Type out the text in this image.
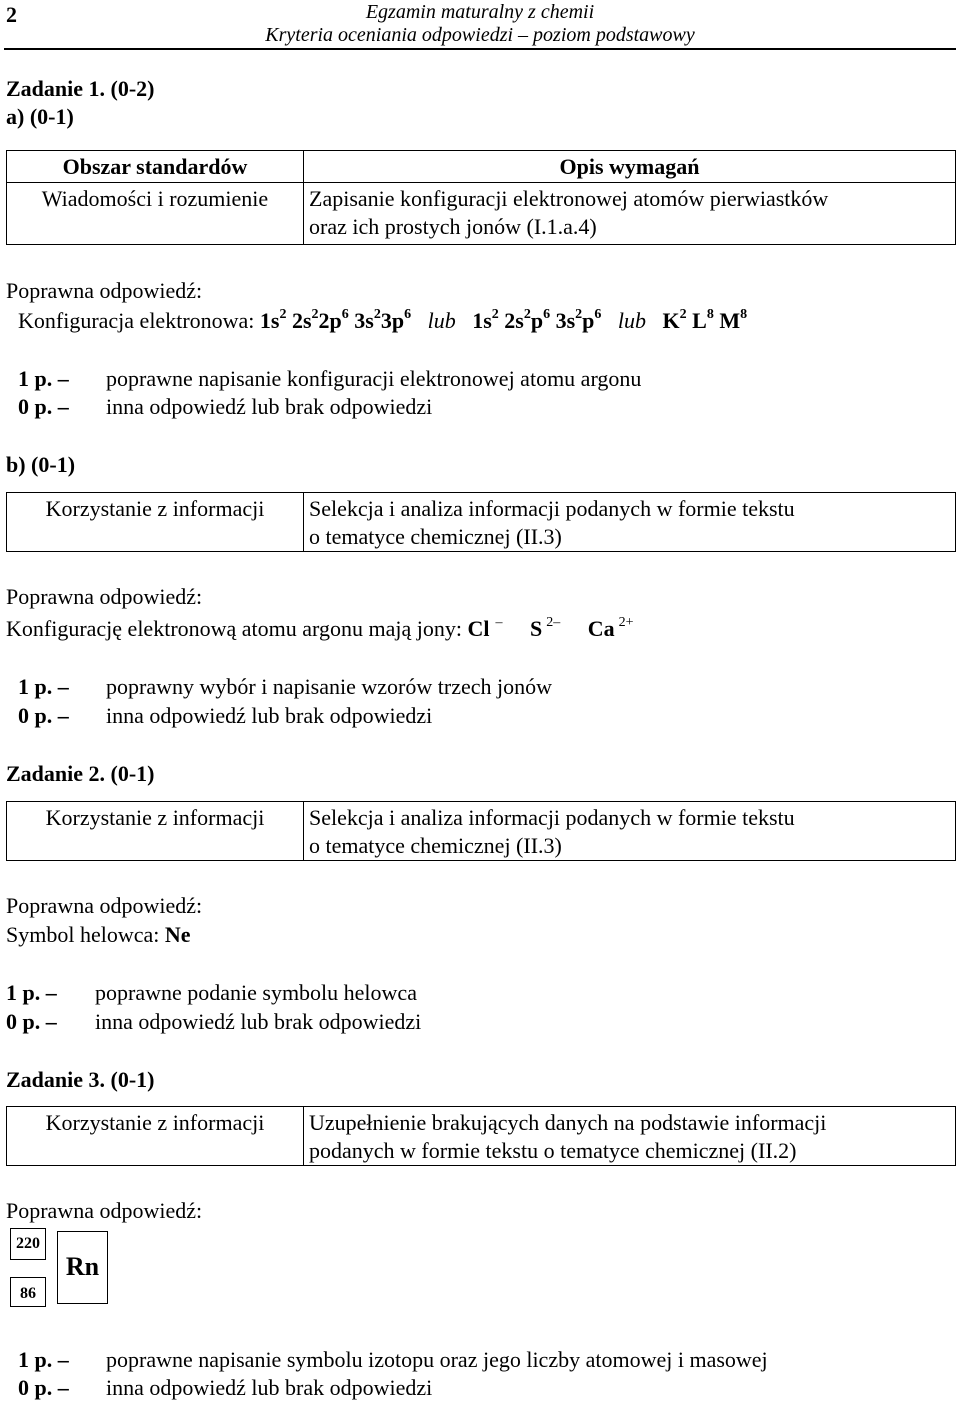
2	Egzamin maturalny z chemii
Kryteria oceniania odpowiedzi – poziom podstawowy
Zadanie 1. (0-2)
a) (0-1)
Obszar standardów	Opis wymagań
Wiadomości i rozumienie	Zapisanie konfiguracji elektronowej atomów pierwiastków
oraz ich prostych jonów (I.1.a.4)
Poprawna odpowiedź:
Konfiguracja elektronowa: $1s^2$ $2s^22p^6$ $3s^23p^6$ lub $1s^2$ $2s^2p^6$ $3s^2p^6$ lub $K^2$ $L^8$ $M^8$
1 p. – poprawne napisanie konfiguracji elektronowej atomu argonu
0 p. – inna odpowiedź lub brak odpowiedzi
b) (0-1)
Korzystanie z informacji	Selekcja i analiza informacji podanych w formie tekstu
o tematyce chemicznej (II.3)
Poprawna odpowiedź:
Konfigurację elektronową atomu argonu mają jony: Cl – S $^{2-}$ Ca $^{2+}$
1 p. – poprawny wybór i napisanie wzorów trzech jonów
0 p. – inna odpowiedź lub brak odpowiedzi
Zadanie 2. (0-1)
Korzystanie z informacji	Selekcja i analiza informacji podanych w formie tekstu
o tematyce chemicznej (II.3)
Poprawna odpowiedź:
Symbol helowca: Ne
1 p. – poprawne podanie symbolu helowca
0 p. – inna odpowiedź lub brak odpowiedzi
Zadanie 3. (0-1)
Korzystanie z informacji	Uzupełnienie brakujących danych na podstawie informacji
podanych w formie tekstu o tematyce chemicznej (II.2)
Poprawna odpowiedź:
220
86
Rn
1 p. – poprawne napisanie symbolu izotopu oraz jego liczby atomowej i masowej
0 p. – inna odpowiedź lub brak odpowiedzi
